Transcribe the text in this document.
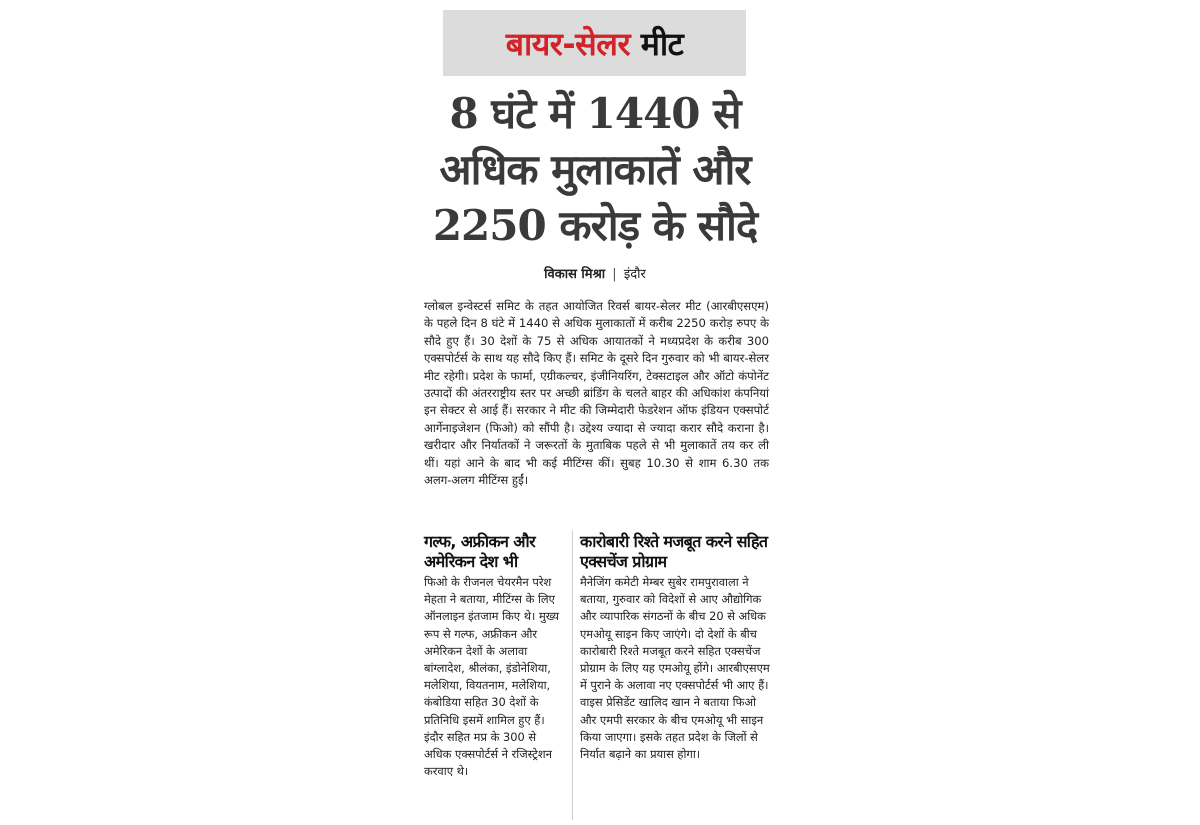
बायर-सेलर मीट
8 घंटे में 1440 से
अधिक मुलाकातें और
2250 करोड़ के सौदे
विकास मिश्रा | इंदौर

ग्लोबल इन्वेस्टर्स समिट के तहत आयोजित रिवर्स बायर-सेलर मीट (आरबीएसएम) के पहले दिन 8 घंटे में 1440 से अधिक मुलाकातों में करीब 2250 करोड़ रुपए के सौदे हुए हैं। 30 देशों के 75 से अधिक आयातकों ने मध्यप्रदेश के करीब 300 एक्सपोर्टर्स के साथ यह सौदे किए हैं। समिट के दूसरे दिन गुरुवार को भी बायर-सेलर मीट रहेगी। प्रदेश के फार्मा, एग्रीकल्चर, इंजीनियरिंग, टेक्सटाइल और ऑटो कंपोनेंट उत्पादों की अंतरराष्ट्रीय स्तर पर अच्छी ब्रांडिंग के चलते बाहर की अधिकांश कंपनियां इन सेक्टर से आई हैं। सरकार ने मीट की जिम्मेदारी फेडरेशन ऑफ इंडियन एक्सपोर्ट आर्गेनाइजेशन (फिओ) को सौंपी है। उद्देश्य ज्यादा से ज्यादा करार सौदे कराना है। खरीदार और निर्यातकों ने जरूरतों के मुताबिक पहले से भी मुलाकातें तय कर ली थीं। यहां आने के बाद भी कई मीटिंग्स कीं। सुबह 10.30 से शाम 6.30 तक अलग-अलग मीटिंग्स हुईं।

गल्फ, अफ्रीकन और अमेरिकन देश भी

फिओ के रीजनल चेयरमैन परेश मेहता ने बताया, मीटिंग्स के लिए ऑनलाइन इंतजाम किए थे। मुख्य रूप से गल्फ, अफ्रीकन और अमेरिकन देशों के अलावा बांग्लादेश, श्रीलंका, इंडोनेशिया, मलेशिया, वियतनाम, मलेशिया, कंबोडिया सहित 30 देशों के प्रतिनिधि इसमें शामिल हुए हैं। इंदौर सहित मप्र के 300 से अधिक एक्सपोर्टर्स ने रजिस्ट्रेशन करवाए थे।

कारोबारी रिश्ते मजबूत करने सहित एक्सचेंज प्रोग्राम

मैनेजिंग कमेटी मेम्बर सुबेर रामपुरावाला ने बताया, गुरुवार को विदेशों से आए औद्योगिक और व्यापारिक संगठनों के बीच 20 से अधिक एमओयू साइन किए जाएंगे। दो देशों के बीच कारोबारी रिश्ते मजबूत करने सहित एक्सचेंज प्रोग्राम के लिए यह एमओयू होंगे। आरबीएसएम में पुराने के अलावा नए एक्सपोर्टर्स भी आए हैं। वाइस प्रेसिडेंट खालिद खान ने बताया फिओ और एमपी सरकार के बीच एमओयू भी साइन किया जाएगा। इसके तहत प्रदेश के जिलों से निर्यात बढ़ाने का प्रयास होगा।
